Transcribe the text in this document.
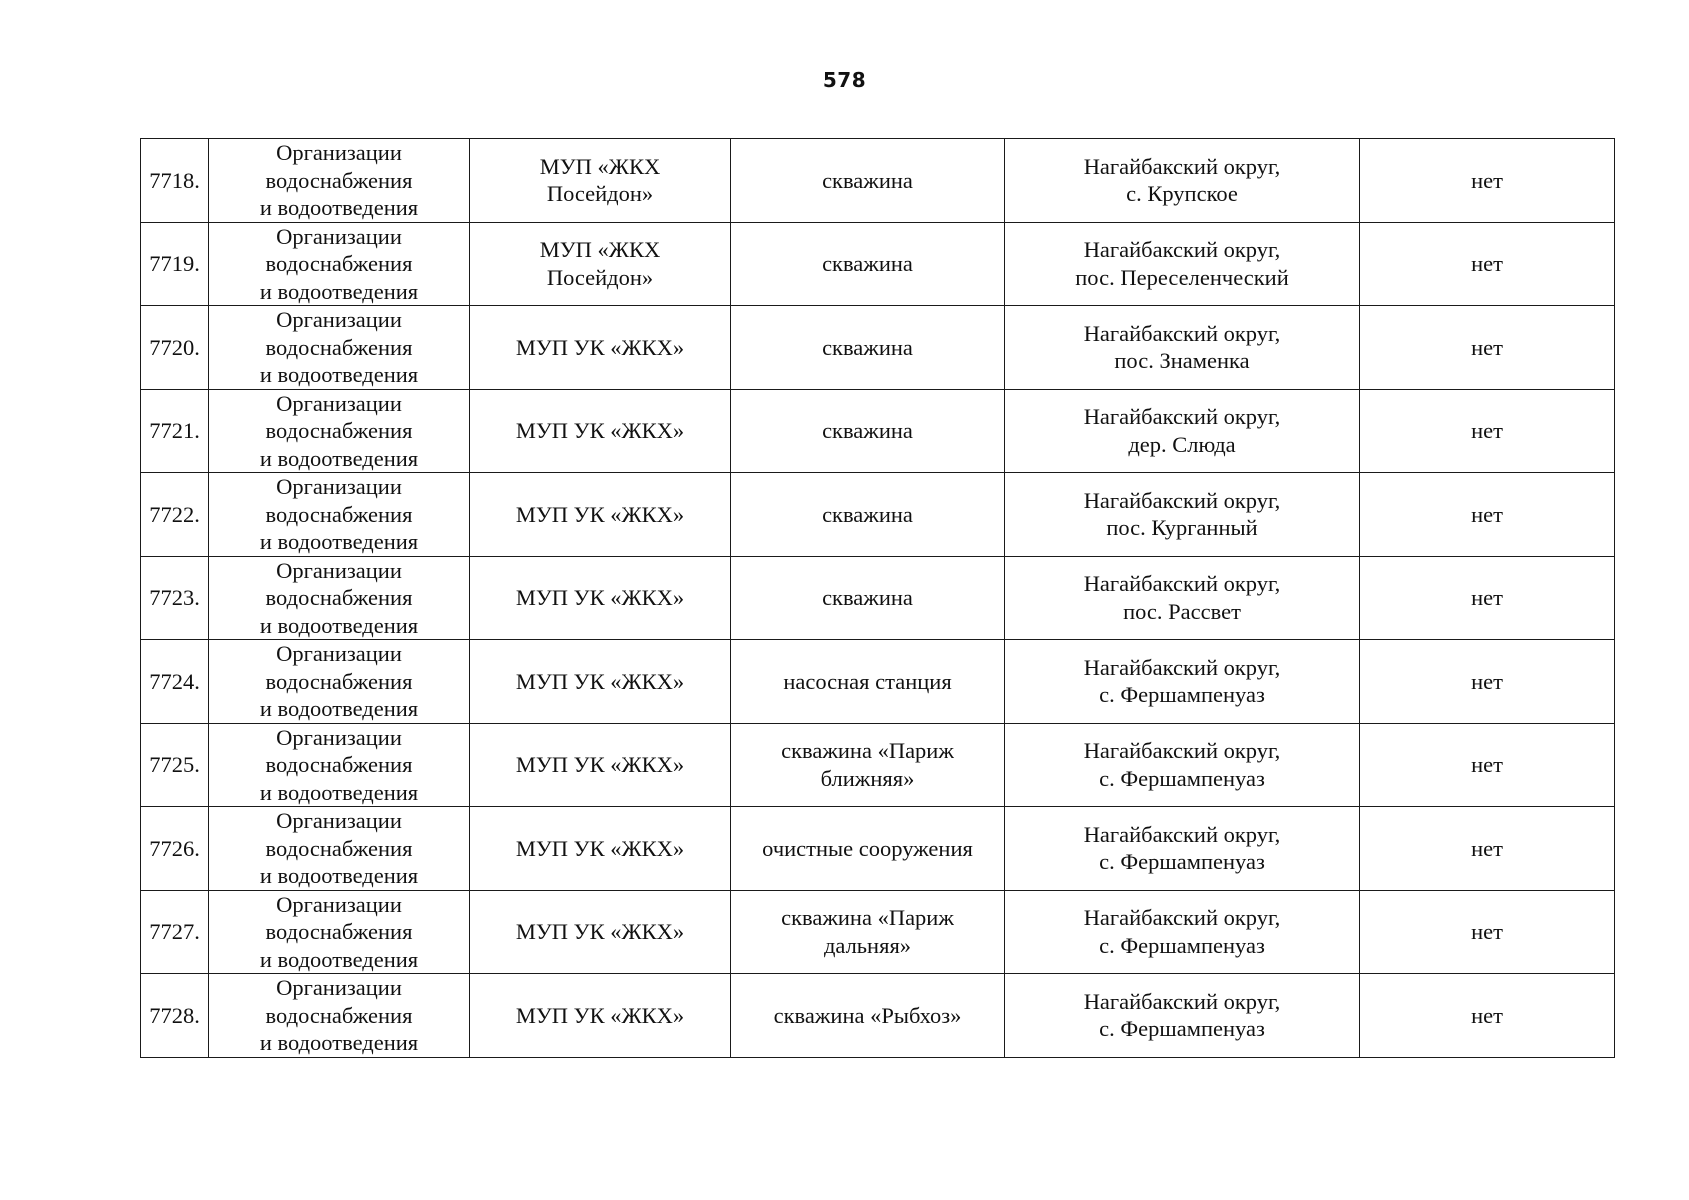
578
7718.	Организации
водоснабжения
и водоотведения	МУП «ЖКХ
Посейдон»	скважина	Нагайбакский округ,
с. Крупское	нет
7719.	Организации
водоснабжения
и водоотведения	МУП «ЖКХ
Посейдон»	скважина	Нагайбакский округ,
пос. Переселенческий	нет
7720.	Организации
водоснабжения
и водоотведения	МУП УК «ЖКХ»	скважина	Нагайбакский округ,
пос. Знаменка	нет
7721.	Организации
водоснабжения
и водоотведения	МУП УК «ЖКХ»	скважина	Нагайбакский округ,
дер. Слюда	нет
7722.	Организации
водоснабжения
и водоотведения	МУП УК «ЖКХ»	скважина	Нагайбакский округ,
пос. Курганный	нет
7723.	Организации
водоснабжения
и водоотведения	МУП УК «ЖКХ»	скважина	Нагайбакский округ,
пос. Рассвет	нет
7724.	Организации
водоснабжения
и водоотведения	МУП УК «ЖКХ»	насосная станция	Нагайбакский округ,
с. Фершампенуаз	нет
7725.	Организации
водоснабжения
и водоотведения	МУП УК «ЖКХ»	скважина «Париж
ближняя»	Нагайбакский округ,
с. Фершампенуаз	нет
7726.	Организации
водоснабжения
и водоотведения	МУП УК «ЖКХ»	очистные сооружения	Нагайбакский округ,
с. Фершампенуаз	нет
7727.	Организации
водоснабжения
и водоотведения	МУП УК «ЖКХ»	скважина «Париж
дальняя»	Нагайбакский округ,
с. Фершампенуаз	нет
7728.	Организации
водоснабжения
и водоотведения	МУП УК «ЖКХ»	скважина «Рыбхоз»	Нагайбакский округ,
с. Фершампенуаз	нет
